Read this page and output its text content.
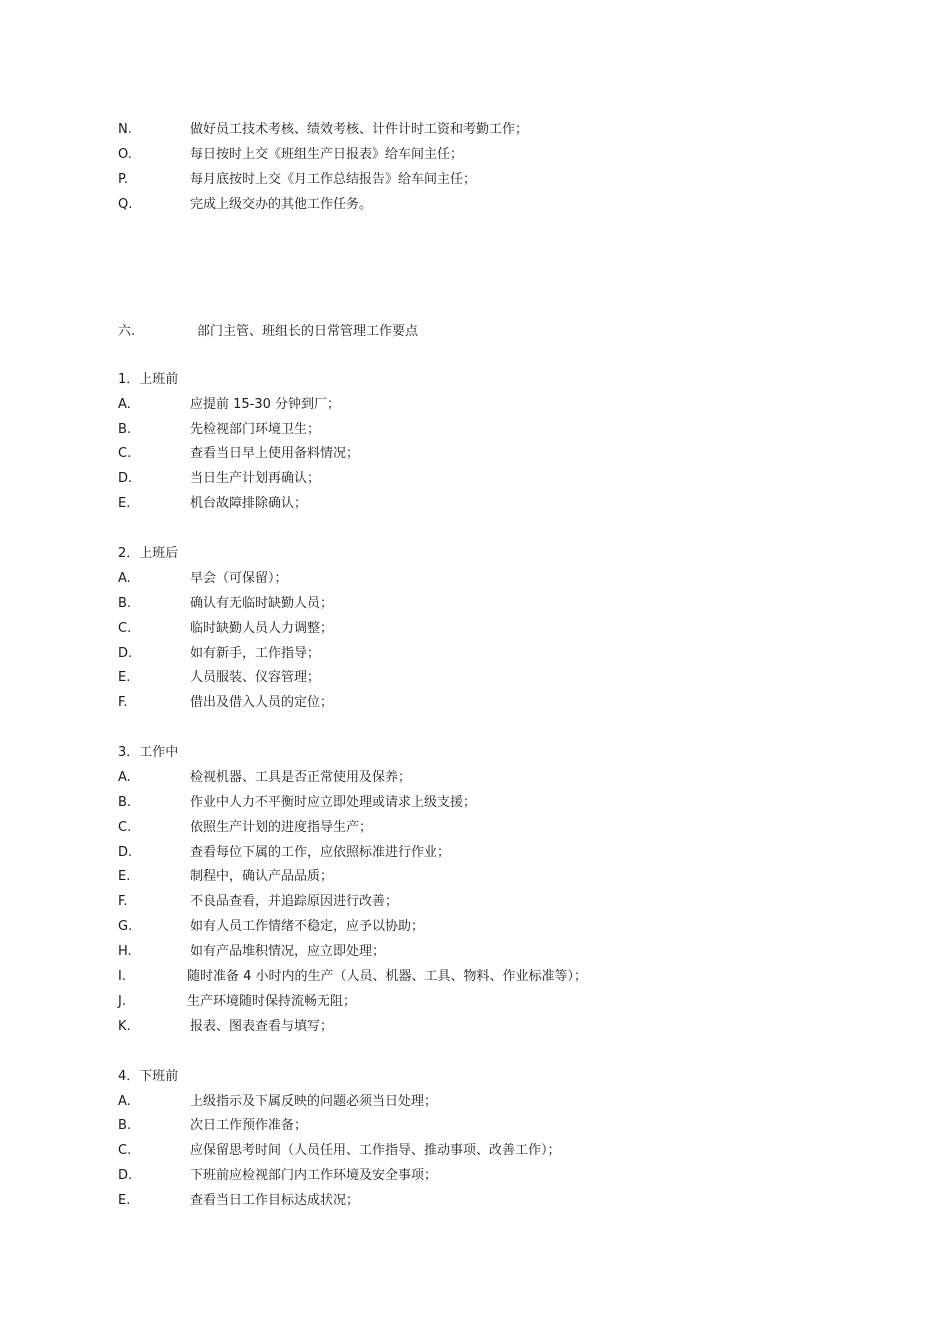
N.	做好员工技术考核、绩效考核、计件计时工资和考勤工作；
O.	每日按时上交《班组生产日报表》给车间主任；
P.	每月底按时上交《月工作总结报告》给车间主任；
Q.	完成上级交办的其他工作任务。
六.	部门主管、班组长的日常管理工作要点
1．上班前
A.	应提前 15-30 分钟到厂；
B.	先检视部门环境卫生；
C.	查看当日早上使用备料情况；
D.	当日生产计划再确认；
E.	机台故障排除确认；
2．上班后
A.	早会（可保留）；
B.	确认有无临时缺勤人员；
C.	临时缺勤人员人力调整；
D.	如有新手，工作指导；
E.	人员服装、仪容管理；
F.	借出及借入人员的定位；
3．工作中
A.	检视机器、工具是否正常使用及保养；
B.	作业中人力不平衡时应立即处理或请求上级支援；
C.	依照生产计划的进度指导生产；
D.	查看每位下属的工作，应依照标准进行作业；
E.	制程中，确认产品品质；
F.	不良品查看，并追踪原因进行改善；
G.	如有人员工作情绪不稳定，应予以协助；
H.	如有产品堆积情况，应立即处理；
I.	随时准备 4 小时内的生产（人员、机器、工具、物料、作业标准等）；
J.	生产环境随时保持流畅无阻；
K.	报表、图表查看与填写；
4．下班前
A.	上级指示及下属反映的问题必须当日处理；
B.	次日工作预作准备；
C.	应保留思考时间（人员任用、工作指导、推动事项、改善工作）；
D.	下班前应检视部门内工作环境及安全事项；
E.	查看当日工作目标达成状况；
